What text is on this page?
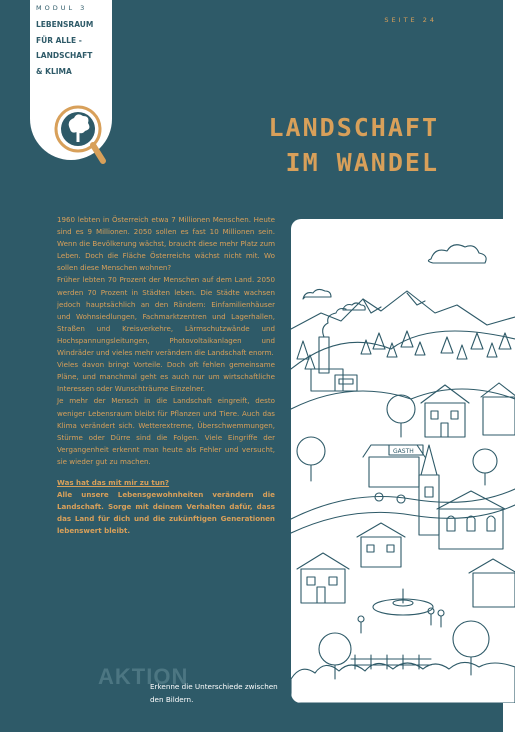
MODUL 3
LEBENSRAUM
FÜR ALLE -
LANDSCHAFT
& KLIMA
SEITE 24
LANDSCHAFT
IM WANDEL

1960 lebten in Österreich etwa 7 Millionen Menschen. Heute sind es 9 Millionen. 2050 sollen es fast 10 Millionen sein. Wenn die Bevölkerung wächst, braucht diese mehr Platz zum Leben. Doch die Fläche Österreichs wächst nicht mit. Wo sollen diese Menschen wohnen?

Früher lebten 70 Prozent der Menschen auf dem Land. 2050 werden 70 Prozent in Städten leben. Die Städte wachsen jedoch hauptsächlich an den Rändern: Einfamilienhäuser und Wohnsiedlungen, Fachmarktzentren und Lagerhallen, Straßen und Kreisverkehre, Lärmschutzwände und Hochspannungsleitungen, Photovoltaikanlagen und Windräder und vieles mehr verändern die Landschaft enorm.

Vieles davon bringt Vorteile. Doch oft fehlen gemeinsame Pläne, und manchmal geht es auch nur um wirtschaftliche Interessen oder Wunschträume Einzelner.

Je mehr der Mensch in die Landschaft eingreift, desto weniger Lebensraum bleibt für Pflanzen und Tiere. Auch das Klima verändert sich. Wetterextreme, Überschwemmungen, Stürme oder Dürre sind die Folgen. Viele Eingriffe der Vergangenheit erkennt man heute als Fehler und versucht, sie wieder gut zu machen.

Was hat das mit mir zu tun?

Alle unsere Lebensgewohnheiten verändern die Landschaft. Sorge mit deinem Verhalten dafür, dass das Land für dich und die zukünftigen Generationen lebenswert bleibt.

AKTION
Erkenne die Unterschiede zwischen den Bildern.
GASTH
